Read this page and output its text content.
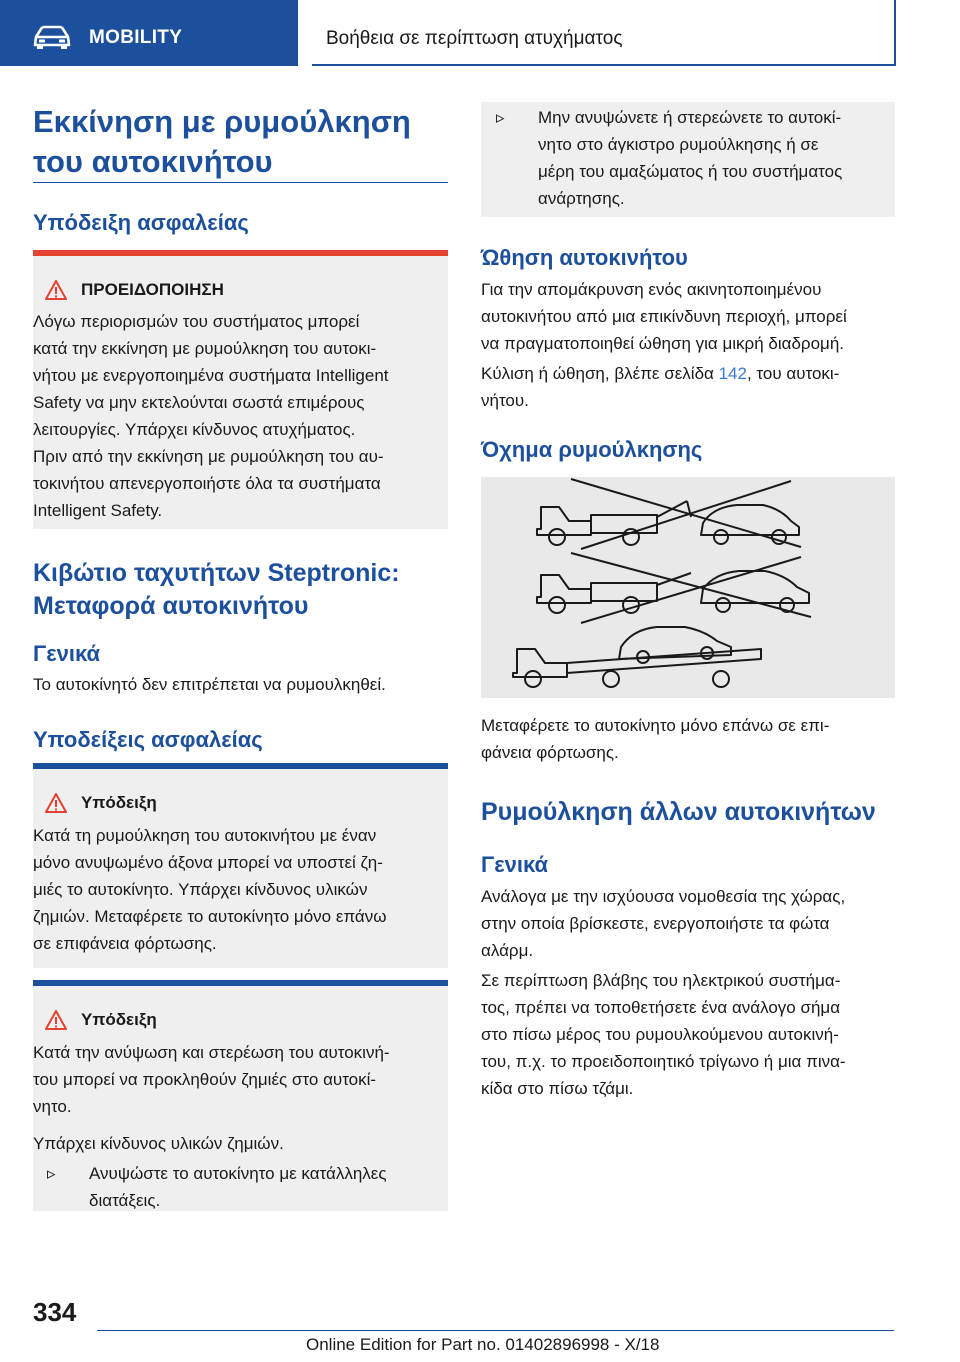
MOBILITY	Βοήθεια σε περίπτωση ατυχήματος
Εκκίνηση με ρυμούλκηση
του αυτοκινήτου
Υπόδειξη ασφαλείας
ΠΡΟΕΙΔΟΠΟΙΗΣΗ
Λόγω περιορισμών του συστήματος μπορεί
κατά την εκκίνηση με ρυμούλκηση του αυτοκι-
νήτου με ενεργοποιημένα συστήματα Intelligent
Safety να μην εκτελούνται σωστά επιμέρους
λειτουργίες. Υπάρχει κίνδυνος ατυχήματος.
Πριν από την εκκίνηση με ρυμούλκηση του αυ-
τοκινήτου απενεργοποιήστε όλα τα συστήματα
Intelligent Safety.
Κιβώτιο ταχυτήτων Steptronic:
Μεταφορά αυτοκινήτου
Γενικά

Το αυτοκίνητό δεν επιτρέπεται να ρυμουλκηθεί.

Υποδείξεις ασφαλείας
Υπόδειξη
Κατά τη ρυμούλκηση του αυτοκινήτου με έναν
μόνο ανυψωμένο άξονα μπορεί να υποστεί ζη-
μιές το αυτοκίνητο. Υπάρχει κίνδυνος υλικών
ζημιών. Μεταφέρετε το αυτοκίνητο μόνο επάνω
σε επιφάνεια φόρτωσης.
Υπόδειξη
Κατά την ανύψωση και στερέωση του αυτοκινή-
του μπορεί να προκληθούν ζημιές στο αυτοκί-
νητο.
Υπάρχει κίνδυνος υλικών ζημιών.
▹	Ανυψώστε το αυτοκίνητο με κατάλληλες
διατάξεις.
▹	Μην ανυψώνετε ή στερεώνετε το αυτοκί-
νητο στο άγκιστρο ρυμούλκησης ή σε
μέρη του αμαξώματος ή του συστήματος
ανάρτησης.
Ώθηση αυτοκινήτου
Για την απομάκρυνση ενός ακινητοποιημένου
αυτοκινήτου από μια επικίνδυνη περιοχή, μπορεί
να πραγματοποιηθεί ώθηση για μικρή διαδρομή.
Κύλιση ή ώθηση, βλέπε σελίδα 142, του αυτοκι-
νήτου.
Όχημα ρυμούλκησης
Μεταφέρετε το αυτοκίνητο μόνο επάνω σε επι-
φάνεια φόρτωσης.
Ρυμούλκηση άλλων αυτοκινήτων
Γενικά
Ανάλογα με την ισχύουσα νομοθεσία της χώρας,
στην οποία βρίσκεστε, ενεργοποιήστε τα φώτα
αλάρμ.
Σε περίπτωση βλάβης του ηλεκτρικού συστήμα-
τος, πρέπει να τοποθετήσετε ένα ανάλογο σήμα
στο πίσω μέρος του ρυμουλκούμενου αυτοκινή-
του, π.χ. το προειδοποιητικό τρίγωνο ή μια πινα-
κίδα στο πίσω τζάμι.
334
Online Edition for Part no. 01402896998 - X/18
